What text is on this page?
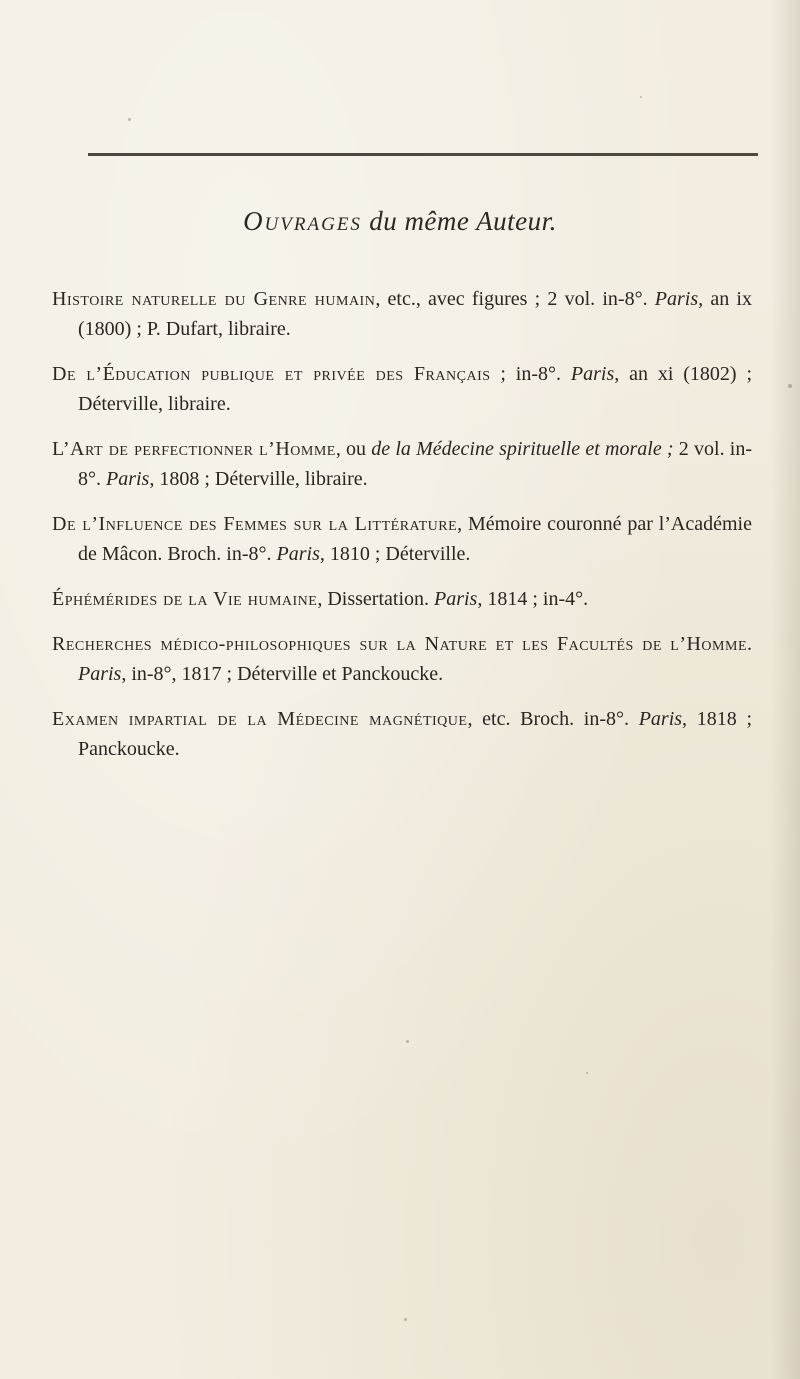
Ouvrages du même Auteur.

Histoire naturelle du Genre humain, etc., avec figures ; 2 vol. in-8°. Paris, an ix (1800) ; P. Dufart, libraire.

De l’Éducation publique et privée des Français ; in-8°. Paris, an xi (1802) ; Déterville, libraire.

L’Art de perfectionner l’Homme, ou de la Médecine spirituelle et morale ; 2 vol. in-8°. Paris, 1808 ; Déterville, libraire.

De l’Influence des Femmes sur la Littérature, Mémoire couronné par l’Académie de Mâcon. Broch. in-8°. Paris, 1810 ; Déterville.

Éphémérides de la Vie humaine, Dissertation. Paris, 1814 ; in-4°.

Recherches médico-philosophiques sur la Nature et les Facultés de l’Homme. Paris, in-8°, 1817 ; Déterville et Panckoucke.

Examen impartial de la Médecine magnétique, etc. Broch. in-8°. Paris, 1818 ; Panckoucke.
